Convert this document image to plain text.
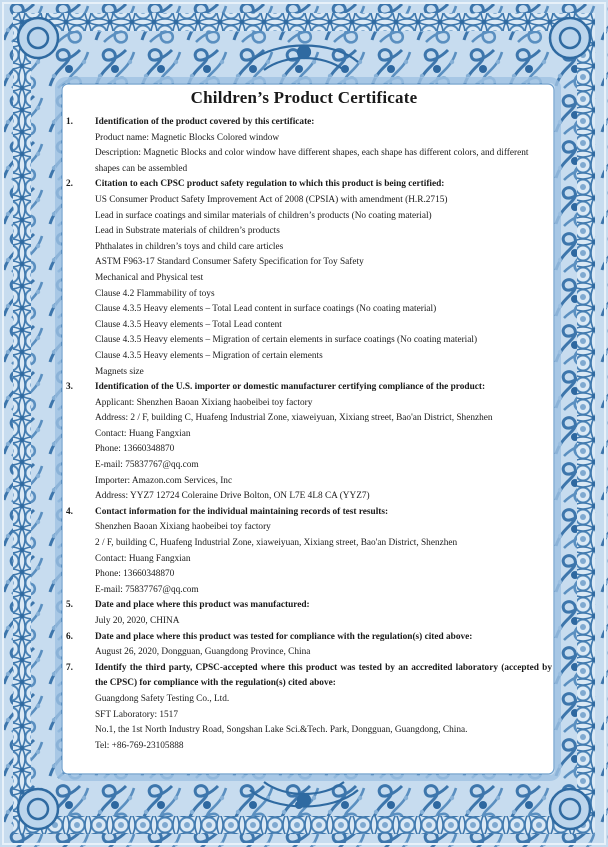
Children’s Product Certificate
1. Identification of the product covered by this certificate:
Product name: Magnetic Blocks Colored window
Description: Magnetic Blocks and color window have different shapes, each shape has different colors, and different shapes can be assembled
2. Citation to each CPSC product safety regulation to which this product is being certified:
US Consumer Product Safety Improvement Act of 2008 (CPSIA) with amendment (H.R.2715)
Lead in surface coatings and similar materials of children’s products (No coating material)
Lead in Substrate materials of children’s products
Phthalates in children’s toys and child care articles
ASTM F963-17 Standard Consumer Safety Specification for Toy Safety
Mechanical and Physical test
Clause 4.2 Flammability of toys
Clause 4.3.5 Heavy elements – Total Lead content in surface coatings (No coating material)
Clause 4.3.5 Heavy elements – Total Lead content
Clause 4.3.5 Heavy elements – Migration of certain elements in surface coatings (No coating material)
Clause 4.3.5 Heavy elements – Migration of certain elements
Magnets size
3. Identification of the U.S. importer or domestic manufacturer certifying compliance of the product:
Applicant: Shenzhen Baoan Xixiang haobeibei toy factory
Address: 2 / F, building C, Huafeng Industrial Zone, xiaweiyuan, Xixiang street, Bao'an District, Shenzhen
Contact: Huang Fangxian
Phone: 13660348870
E-mail: 75837767@qq.com
Importer: Amazon.com Services, Inc
Address: YYZ7 12724 Coleraine Drive Bolton, ON L7E 4L8 CA (YYZ7)
4. Contact information for the individual maintaining records of test results:
Shenzhen Baoan Xixiang haobeibei toy factory
2 / F, building C, Huafeng Industrial Zone, xiaweiyuan, Xixiang street, Bao'an District, Shenzhen
Contact: Huang Fangxian
Phone: 13660348870
E-mail: 75837767@qq.com
5. Date and place where this product was manufactured:
July 20, 2020, CHINA
6. Date and place where this product was tested for compliance with the regulation(s) cited above:
August 26, 2020, Dongguan, Guangdong Province, China
7. Identify the third party, CPSC-accepted where this product was tested by an accredited laboratory (accepted by the CPSC) for compliance with the regulation(s) cited above:
Guangdong Safety Testing Co., Ltd.
SFT Laboratory: 1517
No.1, the 1st North Industry Road, Songshan Lake Sci.&Tech. Park, Dongguan, Guangdong, China.
Tel: +86-769-23105888
